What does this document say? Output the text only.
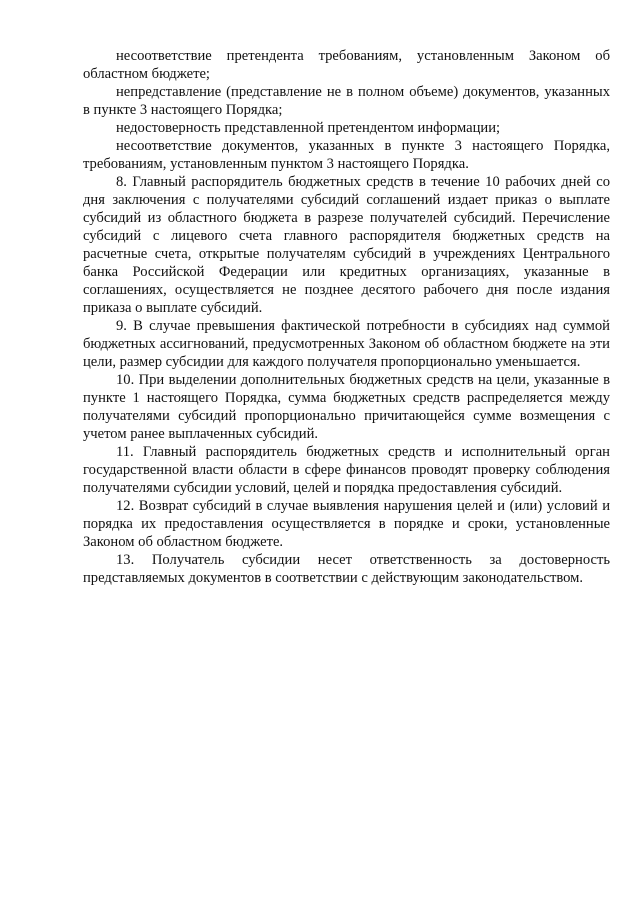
несоответствие претендента требованиям, установленным Законом об областном бюджете;

непредставление (представление не в полном объеме) документов, указанных в пункте 3 настоящего Порядка;

недостоверность представленной претендентом информации;

несоответствие документов, указанных в пункте 3 настоящего Порядка, требованиям, установленным пунктом 3 настоящего Порядка.

8. Главный распорядитель бюджетных средств в течение 10 рабочих дней со дня заключения с получателями субсидий соглашений издает приказ о выплате субсидий из областного бюджета в разрезе получателей субсидий. Перечисление субсидий с лицевого счета главного распорядителя бюджетных средств на расчетные счета, открытые получателям субсидий в учреждениях Центрального банка Российской Федерации или кредитных организациях, указанные в соглашениях, осуществляется не позднее десятого рабочего дня после издания приказа о выплате субсидий.

9. В случае превышения фактической потребности в субсидиях над суммой бюджетных ассигнований, предусмотренных Законом об областном бюджете на эти цели, размер субсидии для каждого получателя пропорционально уменьшается.

10. При выделении дополнительных бюджетных средств на цели, указанные в пункте 1 настоящего Порядка, сумма бюджетных средств распределяется между получателями субсидий пропорционально причитающейся сумме возмещения с учетом ранее выплаченных субсидий.

11. Главный распорядитель бюджетных средств и исполнительный орган государственной власти области в сфере финансов проводят проверку соблюдения получателями субсидии условий, целей и порядка предоставления субсидий.

12. Возврат субсидий в случае выявления нарушения целей и (или) условий и порядка их предоставления осуществляется в порядке и сроки, установленные Законом об областном бюджете.

13. Получатель субсидии несет ответственность за достоверность представляемых документов в соответствии с действующим законодательством.
